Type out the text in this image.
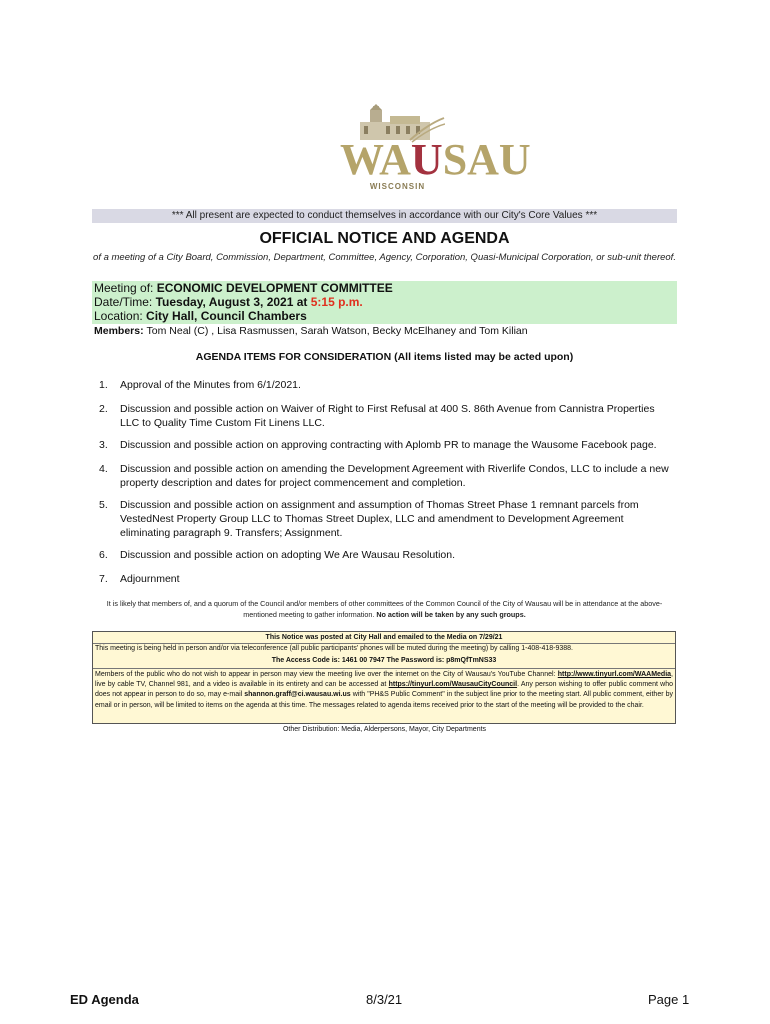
WAUSAU
WISCONSIN
*** All present are expected to conduct themselves in accordance with our City's Core Values ***
OFFICIAL NOTICE AND AGENDA
of a meeting of a City Board, Commission, Department, Committee, Agency, Corporation, Quasi-Municipal Corporation, or sub-unit thereof.
Meeting of: ECONOMIC DEVELOPMENT COMMITTEE
Date/Time: Tuesday, August 3, 2021 at 5:15 p.m.
Location: City Hall, Council Chambers
Members: Tom Neal (C) , Lisa Rasmussen, Sarah Watson, Becky McElhaney and Tom Kilian
AGENDA ITEMS FOR CONSIDERATION (All items listed may be acted upon)
1.	Approval of the Minutes from 6/1/2021.
2.	Discussion and possible action on Waiver of Right to First Refusal at 400 S. 86th Avenue from Cannistra Properties LLC to Quality Time Custom Fit Linens LLC.
3.	Discussion and possible action on approving contracting with Aplomb PR to manage the Wausome Facebook page.
4.	Discussion and possible action on amending the Development Agreement with Riverlife Condos, LLC to include a new property description and dates for project commencement and completion.
5.	Discussion and possible action on assignment and assumption of Thomas Street Phase 1 remnant parcels from VestedNest Property Group LLC to Thomas Street Duplex, LLC and amendment to Development Agreement eliminating paragraph 9. Transfers; Assignment.
6.	Discussion and possible action on adopting We Are Wausau Resolution.
7.	Adjournment
It is likely that members of, and a quorum of the Council and/or members of other committees of the Common Council of the City of Wausau will be in attendance at the above-
mentioned meeting to gather information. No action will be taken by any such groups.
This Notice was posted at City Hall and emailed to the Media on 7/29/21
This meeting is being held in person and/or via teleconference (all public participants' phones will be muted during the meeting) by calling 1-408-418-9388.
The Access Code is: 1461 00 7947 The Password is: p8mQfTmNS33
Members of the public who do not wish to appear in person may view the meeting live over the internet on the City of Wausau's YouTube Channel: http://www.tinyurl.com/WAAMedia, live by cable TV, Channel 981, and a video is available in its entirety and can be accessed at https://tinyurl.com/WausauCityCouncil. Any person wishing to offer public comment who does not appear in person to do so, may e-mail shannon.graff@ci.wausau.wi.us with "PH&S Public Comment" in the subject line prior to the meeting start. All public comment, either by email or in person, will be limited to items on the agenda at this time. The messages related to agenda items received prior to the start of the meeting will be provided to the chair.
Other Distribution: Media, Alderpersons, Mayor, City Departments
ED Agenda	8/3/21	Page 1
